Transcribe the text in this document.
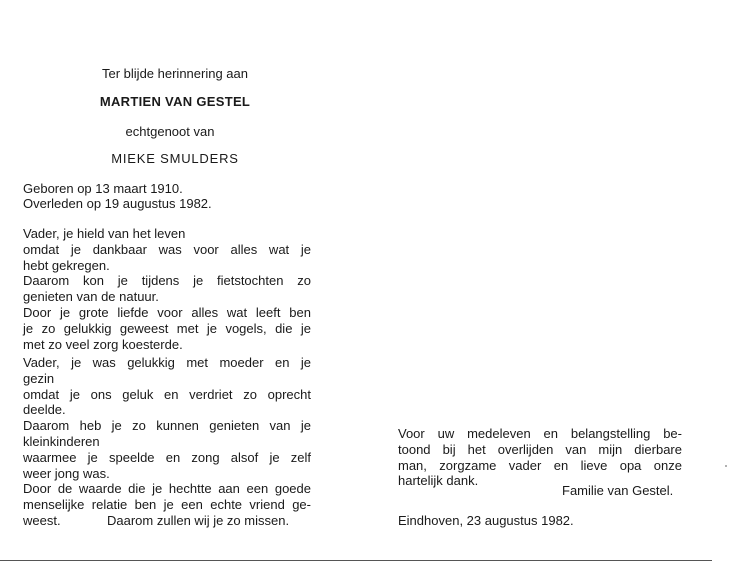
Ter blijde herinnering aan
MARTIEN VAN GESTEL
echtgenoot van
MIEKE SMULDERS
Geboren op 13 maart 1910.
Overleden op 19 augustus 1982.
Vader, je hield van het leven
omdat je dankbaar was voor alles wat je
hebt gekregen.
Daarom kon je tijdens je fietstochten zo
genieten van de natuur.
Door je grote liefde voor alles wat leeft ben
je zo gelukkig geweest met je vogels, die je
met zo veel zorg koesterde.
Vader, je was gelukkig met moeder en je
gezin
omdat je ons geluk en verdriet zo oprecht
deelde.
Daarom heb je zo kunnen genieten van je
kleinkinderen
waarmee je speelde en zong alsof je zelf
weer jong was.
Door de waarde die je hechtte aan een goede
menselijke relatie ben je een echte vriend ge-
weest.	Daarom zullen wij je zo missen.
Voor uw medeleven en belangstelling be-
toond bij het overlijden van mijn dierbare
man, zorgzame vader en lieve opa onze
hartelijk dank.
Familie van Gestel.
Eindhoven, 23 augustus 1982.
